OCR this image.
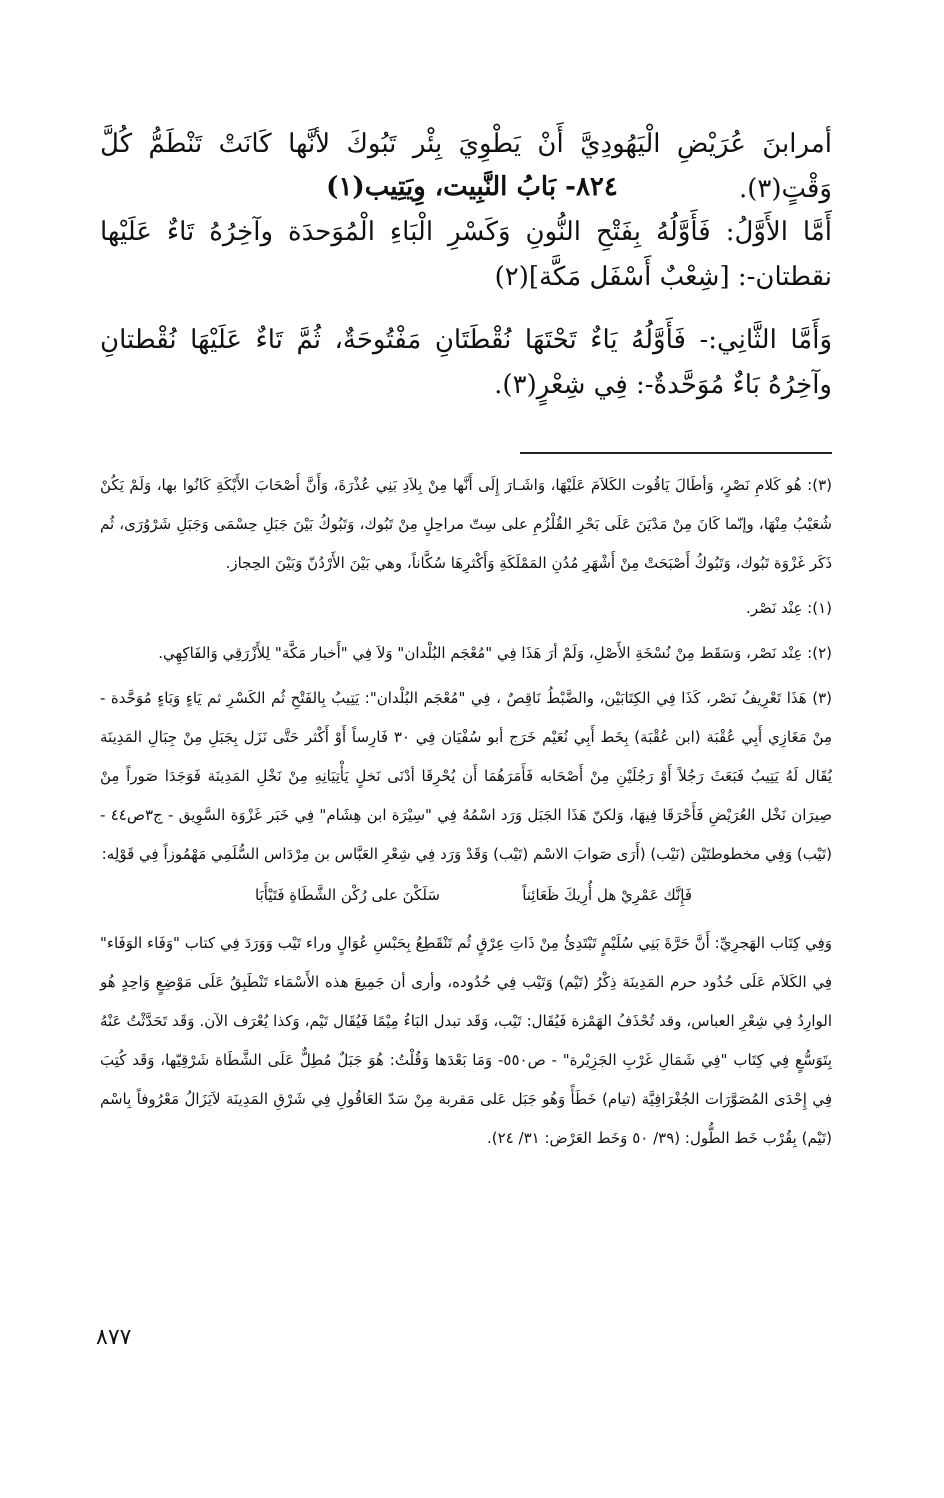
أمرابنَ عُرَيْضِ الْيَهُودِيَّ أَنْ يَطْوِيَ بِئْر تَبُوكَ لأنَّها كَانَتْ تَنْطَمُّ كُلَّ وَقْتٍ(٣).

٨٢٤- بَابُ النَّبِيت، وِيَتِيب(١)

أَمَّا الأَوَّلُ: فَأَوَّلُهُ بِفَتْحِ النُّونِ وَكَسْرِ الْبَاءِ الْمُوَحدَة وآخِرُهُ تَاءٌ عَلَيْها نقطتان-: [شِعْبٌ أَسْفَل مَكَّة](٢)

وَأَمَّا الثَّانِي:- فَأَوَّلُهُ يَاءٌ تَحْتَهَا نُقْطَتَانِ مَفْتُوحَةٌ، ثُمَّ تَاءٌ عَلَيْهَا نُقْطتانِ وآخِرُهُ بَاءٌ مُوَحَّدةٌ-: فِي شِعْرٍ(٣).

(٣): هُو كَلامِ نَصْرٍ، وَأطَالَ يَاقُوت الكَلاَمَ عَلَيْهَا، وَاشَـارَ إِلَى أَنَّها مِنْ بِلاَدِ بَنِي عُذْرَةَ، وَأَنَّ أَصْحَابَ الأَيْكَةِ كَانُوا بها، وَلَمْ يَكُنْ شُعَيْبُ مِنْهَا، وإنّما كَانَ مِنْ مَدْيَنَ عَلَى بَحْرِ القُلْزُمِ على سِتّ مراحِلٍ مِنْ تَبُوك، وَتَبُوكُ بَيْنَ جَبَلِ حِسْمَى وَجَبَلِ شَرْوُرَى، ثُم ذَكَر غَزْوَة تَبُوك، وَتَبُوكُ أَصْبَحَتْ مِنْ أَشْهَرِ مُدُنِ المَمْلَكَةِ وَأَكْثرِهَا سُكَّاناً، وهي بَيْنَ الأَرْدُنّ وَبَيْنَ الحِجاز.

(١): عِنْد نَصْر.

(٢): عِنْد نَصْر، وَسَقَط مِنْ نُسْخَةِ الأَصْلِ، وَلَمْ أرَ هَذَا فِي "مُعْجَم البُلْدان" وَلاَ فِي "أَخبار مَكَّة" لِلأَزْرَقِي وَالفَاكِهِي.

(٣) هَذَا تَعْرِيفُ نَصْر، كَذَا فِي الكِتَابَيْن، والضَّبْطُ نَاقِصٌ ، فِي "مُعْجَم البُلْدان": يَتِيبُ بِالفَتْحِ ثُم الكَسْرِ ثم يَاءٍ وَبَاءٍ مُوَحَّدة - مِنْ مَغَازِي أَبِي عُقْبَة (ابن عُقْبَة) بِخَط أَبِي نُعَيْم خَرَج أبو سُفْيَان فِي ٣٠ فَارِساً أَوْ أَكْثر حَتَّى نَزَل بِجَبَلِ مِنْ جِبَالِ المَدِينَة يُقَال لَهُ يَتِيبُ فَبَعَثَ رَجُلاً أَوْ رَجُلَيْنِ مِنْ أَصْحَابه فَأَمَرَهُمَا أَن يُحْرِقَا أدْنَى نَخلٍ يَأْتِيَانِهِ مِنْ نَخْلِ المَدِينَة فَوَجَدَا صَوراً مِنْ صِيرَان نَخْل العُرَيْضِ فَأَحْرَقَا فِيهَا، وَلكنّ هَذَا الجَبَل وَرَد اسْمُهُ فِي "سِيْرَة ابن هِشَام" فِي خَبَر غَزْوَة السَّوِيق - ج٣ص٤٤ - (تَيْب) وَفِي مخطوطتَيْن (نَيْب) (أَرَى صَوابَ الاسْم (تَيْب) وَقَدْ وَرَد فِي شِعْرِ العَبَّاس بن مِرْدَاس السُّلَمِي مَهْمُوزاً فِي قَوْلِه:

فَإِنَّك عَمْرِيْ هل أُرِيكَ ظَعَائِناً
سَلَكْنَ على رُكْن الشَّطَاةِ فَتَيْأَبَا

وَفِي كِتَاب الهَجرِيِّ: أَنَّ حَرَّةَ بَنِي سُلَيْمٍ تَبْتَدِئُ مِنْ ذَاتِ عِرْقٍ ثُم تَنْقَطِعُ بِحَبْسِ عُوَالٍ وراء تَيْب وَوَرَدَ فِي كتاب "وَفَاء الوَفَاء" فِي الكَلاَم عَلَى حُدُود حرم المَدِينَة ذِكْرُ (تَيْم) وَتَيْب فِي حُدُوده، وأرى أن جَمِيعَ هذه الأَسْمَاء تَنْطَبِقُ عَلَى مَوْضِعٍ وَاحِدٍ هُو الوارِدُ فِي شِعْرِ العباس، وقد تُحْذَفُ الهَمْزة فَيُقَال: تَيْب، وَقَد تبدل البَاءُ مِيْمًا فَيُقَال تَيْم، وَكذا يُعْرَف الآن. وَقَد تَحَدَّثْتُ عَنْهُ بِتَوَسُّعٍ فِي كِتَاب "فِي شَمَالِ غَرْبِ الجَزِيْرة" - ص٥٥٠- وَمَا بَعْدَها وَقُلْتُ: هُوَ جَبَلٌ مُطِلٌّ عَلَى الشَّطَاة شَرْقِيّها، وَقَد كُتِبَ فِي إِحْدَى المُصَوَّرَات الجُغْرَافِيَّة (تيام) خَطَأً وَهُو جَبَل عَلى مَقربة مِنْ سَدّ العَاقُولِ فِي شَرْقِ المَدِينَة لاَيَزَالُ مَعْرُوفاً بِاسْم (تَيْم) بِقُرْب خَط الطُّول: (٣٩/ ٥٠ وَخَط العَرْض: ٣١/ ٢٤).

٨٧٧
